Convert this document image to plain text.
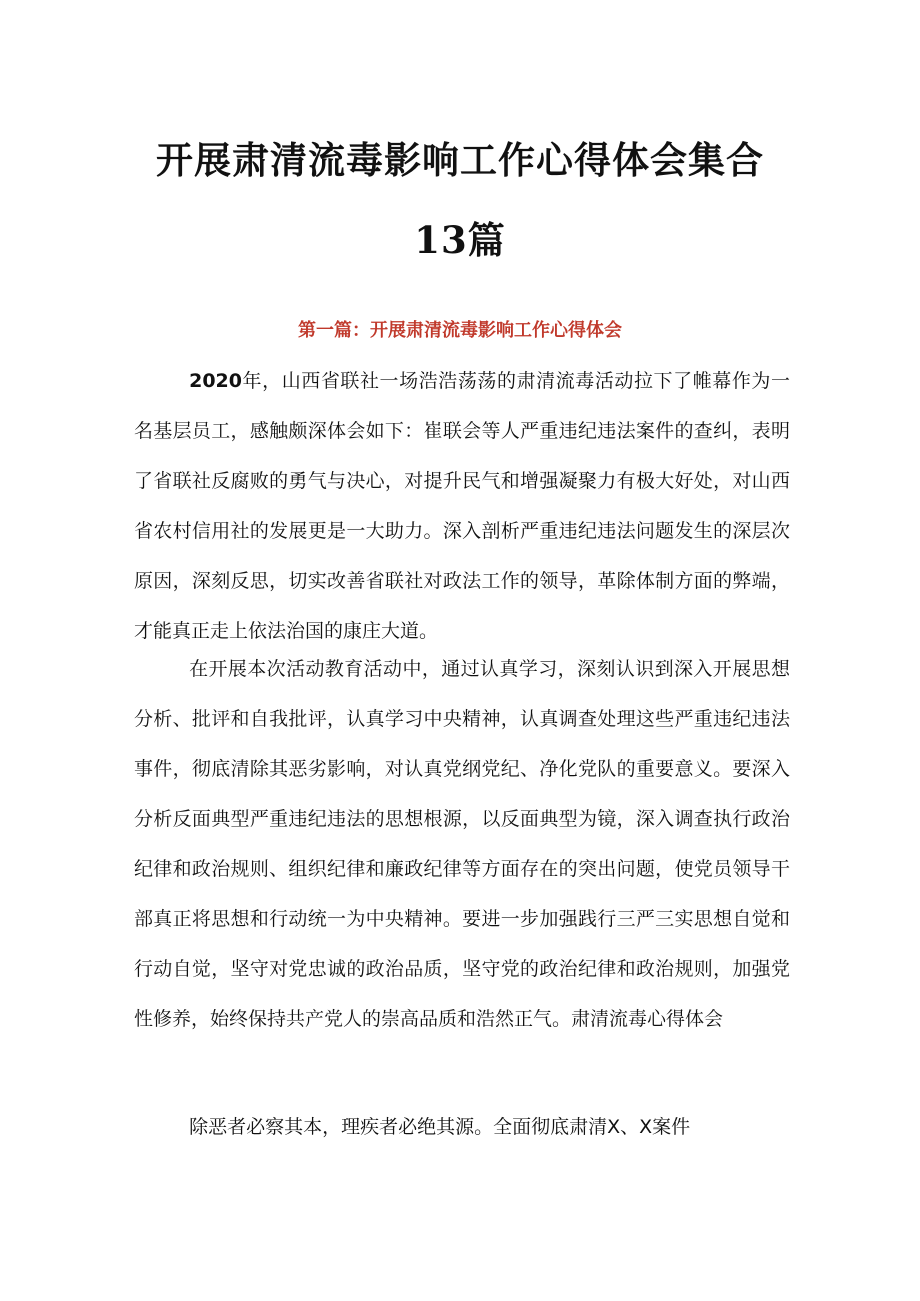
开展肃清流毒影响工作心得体会集合
13篇
第一篇：开展肃清流毒影响工作心得体会

2020年，山西省联社一场浩浩荡荡的肃清流毒活动拉下了帷幕作为一名基层员工，感触颇深体会如下：崔联会等人严重违纪违法案件的查纠，表明了省联社反腐败的勇气与决心，对提升民气和增强凝聚力有极大好处，对山西省农村信用社的发展更是一大助力。深入剖析严重违纪违法问题发生的深层次原因，深刻反思，切实改善省联社对政法工作的领导，革除体制方面的弊端，才能真正走上依法治国的康庄大道。

在开展本次活动教育活动中，通过认真学习，深刻认识到深入开展思想分析、批评和自我批评，认真学习中央精神，认真调查处理这些严重违纪违法事件，彻底清除其恶劣影响，对认真党纲党纪、净化党队的重要意义。要深入分析反面典型严重违纪违法的思想根源，以反面典型为镜，深入调查执行政治纪律和政治规则、组织纪律和廉政纪律等方面存在的突出问题，使党员领导干部真正将思想和行动统一为中央精神。要进一步加强践行三严三实思想自觉和行动自觉，坚守对党忠诚的政治品质，坚守党的政治纪律和政治规则，加强党性修养，始终保持共产党人的崇高品质和浩然正气。肃清流毒心得体会

除恶者必察其本，理疾者必绝其源。全面彻底肃清X、X案件
